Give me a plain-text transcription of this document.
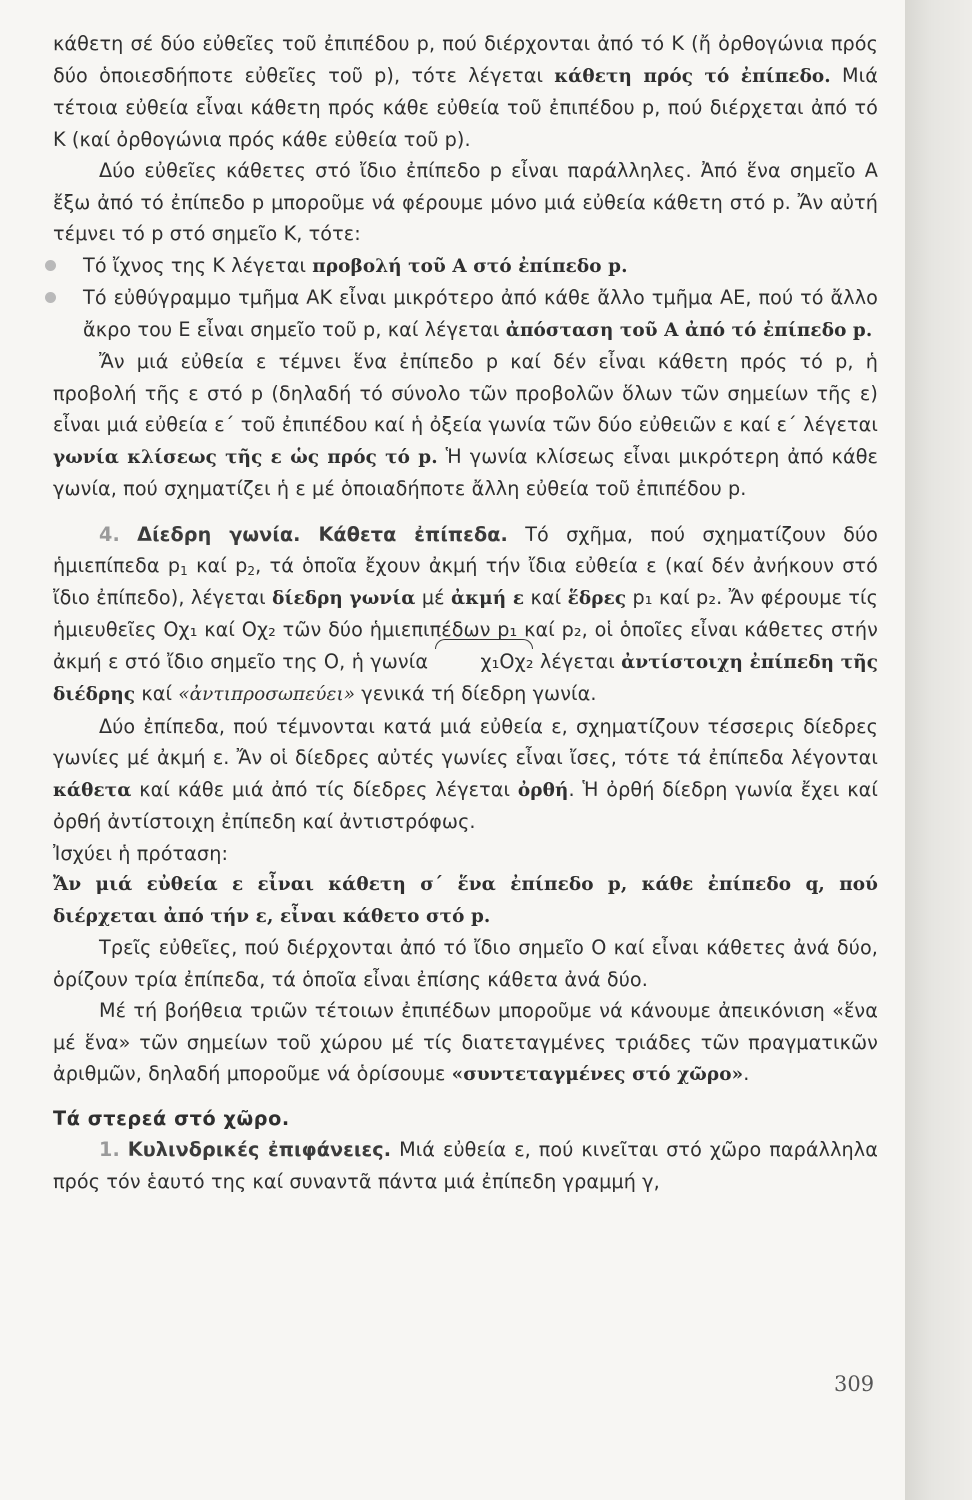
κάθετη σέ δύο εὐθεῖες τοῦ ἐπιπέδου p, πού διέρχονται ἀπό τό Κ (ἤ ὀρθογώνια πρός δύο ὁποιεσδήποτε εὐθεῖες τοῦ p), τότε λέγεται κάθετη πρός τό ἐπίπεδο. Μιά τέτοια εὐθεία εἶναι κάθετη πρός κάθε εὐθεία τοῦ ἐπιπέδου p, πού διέρχεται ἀπό τό Κ (καί ὀρθογώνια πρός κάθε εὐθεία τοῦ p).

Δύο εὐθεῖες κάθετες στό ἴδιο ἐπίπεδο p εἶναι παράλληλες. Ἀπό ἕνα σημεῖο Α ἔξω ἀπό τό ἐπίπεδο p μποροῦμε νά φέρουμε μόνο μιά εὐθεία κάθετη στό p. Ἄν αὐτή τέμνει τό p στό σημεῖο Κ, τότε:

Τό ἴχνος της Κ λέγεται προβολή τοῦ Α στό ἐπίπεδο p.
Τό εὐθύγραμμο τμῆμα ΑΚ εἶναι μικρότερο ἀπό κάθε ἄλλο τμῆμα ΑΕ, πού τό ἄλλο ἄκρο του Ε εἶναι σημεῖο τοῦ p, καί λέγεται ἀπόσταση τοῦ Α ἀπό τό ἐπίπεδο p.

Ἄν μιά εὐθεία ε τέμνει ἕνα ἐπίπεδο p καί δέν εἶναι κάθετη πρός τό p, ἡ προβολή τῆς ε στό p (δηλαδή τό σύνολο τῶν προβολῶν ὅλων τῶν σημείων τῆς ε) εἶναι μιά εὐθεία ε΄ τοῦ ἐπιπέδου καί ἡ ὀξεία γωνία τῶν δύο εὐθειῶν ε καί ε΄ λέγεται γωνία κλίσεως τῆς ε ὡς πρός τό p. Ἡ γωνία κλίσεως εἶναι μικρότερη ἀπό κάθε γωνία, πού σχηματίζει ἡ ε μέ ὁποιαδήποτε ἄλλη εὐθεία τοῦ ἐπιπέδου p.

4. Δίεδρη γωνία. Κάθετα ἐπίπεδα. Τό σχῆμα, πού σχηματίζουν δύο ἡμιεπίπεδα $p_1$ καί $p_2$, τά ὁποῖα ἔχουν ἀκμή τήν ἴδια εὐθεία ε (καί δέν ἀνήκουν στό ἴδιο ἐπίπεδο), λέγεται δίεδρη γωνία μέ ἀκμή ε καί ἕδρες p₁ καί p₂. Ἄν φέρουμε τίς ἡμιευθεῖες Οχ₁ καί Οχ₂ τῶν δύο ἡμιεπιπέδων p₁ καί p₂, οἱ ὁποῖες εἶναι κάθετες στήν ἀκμή ε στό ἴδιο σημεῖο της Ο, ἡ γωνία χ₁Οχ₂ λέγεται ἀντίστοιχη ἐπίπεδη τῆς διέδρης καί «ἀντιπροσωπεύει» γενικά τή δίεδρη γωνία.

Δύο ἐπίπεδα, πού τέμνονται κατά μιά εὐθεία ε, σχηματίζουν τέσσερις δίεδρες γωνίες μέ ἀκμή ε. Ἄν οἱ δίεδρες αὐτές γωνίες εἶναι ἴσες, τότε τά ἐπίπεδα λέγονται κάθετα καί κάθε μιά ἀπό τίς δίεδρες λέγεται ὀρθή. Ἡ ὀρθή δίεδρη γωνία ἔχει καί ὀρθή ἀντίστοιχη ἐπίπεδη καί ἀντιστρόφως.

Ἰσχύει ἡ πρόταση:

Ἄν μιά εὐθεία ε εἶναι κάθετη σ΄ ἕνα ἐπίπεδο p, κάθε ἐπίπεδο q, πού διέρχεται ἀπό τήν ε, εἶναι κάθετο στό p.

Τρεῖς εὐθεῖες, πού διέρχονται ἀπό τό ἴδιο σημεῖο Ο καί εἶναι κάθετες ἀνά δύο, ὁρίζουν τρία ἐπίπεδα, τά ὁποῖα εἶναι ἐπίσης κάθετα ἀνά δύο.

Μέ τή βοήθεια τριῶν τέτοιων ἐπιπέδων μποροῦμε νά κάνουμε ἀπεικόνιση «ἕνα μέ ἕνα» τῶν σημείων τοῦ χώρου μέ τίς διατεταγμένες τριάδες τῶν πραγματικῶν ἀριθμῶν, δηλαδή μποροῦμε νά ὁρίσουμε «συντεταγμένες στό χῶρο».

Τά στερεά στό χῶρο.

1. Κυλινδρικές ἐπιφάνειες. Μιά εὐθεία ε, πού κινεῖται στό χῶρο παράλληλα πρός τόν ἑαυτό της καί συναντᾶ πάντα μιά ἐπίπεδη γραμμή γ,

309
